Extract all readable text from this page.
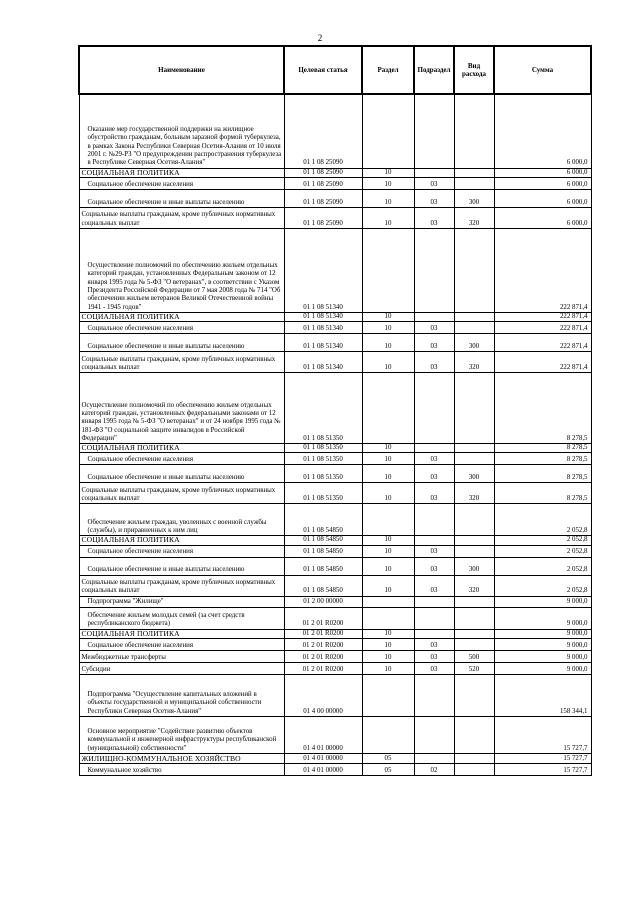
2
Наименование	Целевая статья	Раздел	Подраздел	Вид расхода	Сумма
Оказание мер государственной поддержки на жилищное обустройство гражданам, больным заразной формой туберкулеза, в рамках Закона Республики Северная Осетия-Алания от 10 июля 2001 г. №29-РЗ "О предупреждении распространения туберкулеза в Республике Северная Осетия-Алания"	01 1 08 25090				6 000,0
СОЦИАЛЬНАЯ ПОЛИТИКА	01 1 08 25090	10			6 000,0
Социальное обеспечение населения	01 1 08 25090	10	03		6 000,0
Социальное обеспечение и иные выплаты населению	01 1 08 25090	10	03	300	6 000,0
Социальные выплаты гражданам, кроме публичных нормативных социальных выплат	01 1 08 25090	10	03	320	6 000,0
Осуществление полномочий по обеспечению жильем отдельных категорий граждан, установленных Федеральным законом от 12 января 1995 года № 5-ФЗ "О ветеранах", в соответствии с Указом Президента Российской Федерации от 7 мая 2008 года № 714 "Об обеспечении жильем ветеранов Великой Отечественной войны 1941 - 1945 годов"	01 1 08 51340				222 871,4
СОЦИАЛЬНАЯ ПОЛИТИКА	01 1 08 51340	10			222 871,4
Социальное обеспечение населения	01 1 08 51340	10	03		222 871,4
Социальное обеспечение и иные выплаты населению	01 1 08 51340	10	03	300	222 871,4
Социальные выплаты гражданам, кроме публичных нормативных социальных выплат	01 1 08 51340	10	03	320	222 871,4
Осуществление полномочий по обеспечению жильем отдельных категорий граждан, установленных федеральными законами от 12 января 1995 года № 5-ФЗ "О ветеранах" и от 24 ноября 1995 года № 181-ФЗ "О социальной защите инвалидов в Российской Федерации"	01 1 08 51350				8 278,5
СОЦИАЛЬНАЯ ПОЛИТИКА	01 1 08 51350	10			8 278,5
Социальное обеспечение населения	01 1 08 51350	10	03		8 278,5
Социальное обеспечение и иные выплаты населению	01 1 08 51350	10	03	300	8 278,5
Социальные выплаты гражданам, кроме публичных нормативных социальных выплат	01 1 08 51350	10	03	320	8 278,5
Обеспечение жильем граждан, уволенных с военной службы (службы), и приравненных к ним лиц	01 1 08 54850				2 052,8
СОЦИАЛЬНАЯ ПОЛИТИКА	01 1 08 54850	10			2 052,8
Социальное обеспечение населения	01 1 08 54850	10	03		2 052,8
Социальное обеспечение и иные выплаты населению	01 1 08 54850	10	03	300	2 052,8
Социальные выплаты гражданам, кроме публичных нормативных социальных выплат	01 1 08 54850	10	03	320	2 052,8
Подпрограмма "Жилище"	01 2 00 00000				9 000,0
Обеспечение жильем молодых семей (за счет средств республиканского бюджета)	01 2 01 R0200				9 000,0
СОЦИАЛЬНАЯ ПОЛИТИКА	01 2 01 R0200	10			9 000,0
Социальное обеспечение населения	01 2 01 R0200	10	03		9 000,0
Межбюджетные трансферты	01 2 01 R0200	10	03	500	9 000,0
Субсидии	01 2 01 R0200	10	03	520	9 000,0
Подпрограмма "Осуществление капитальных вложений в объекты государственной и муниципальной собственности Республики Северная Осетия-Алания"	01 4 00 00000				158 344,1
Основное мероприятие "Содействие развитию объектов коммунальной и инженерной инфраструктуры республиканской (муниципальной) собственности"	01 4 01 00000				15 727,7
ЖИЛИЩНО-КОММУНАЛЬНОЕ ХОЗЯЙСТВО	01 4 01 00000	05			15 727,7
Коммунальное хозяйство	01 4 01 00000	05	02		15 727,7
